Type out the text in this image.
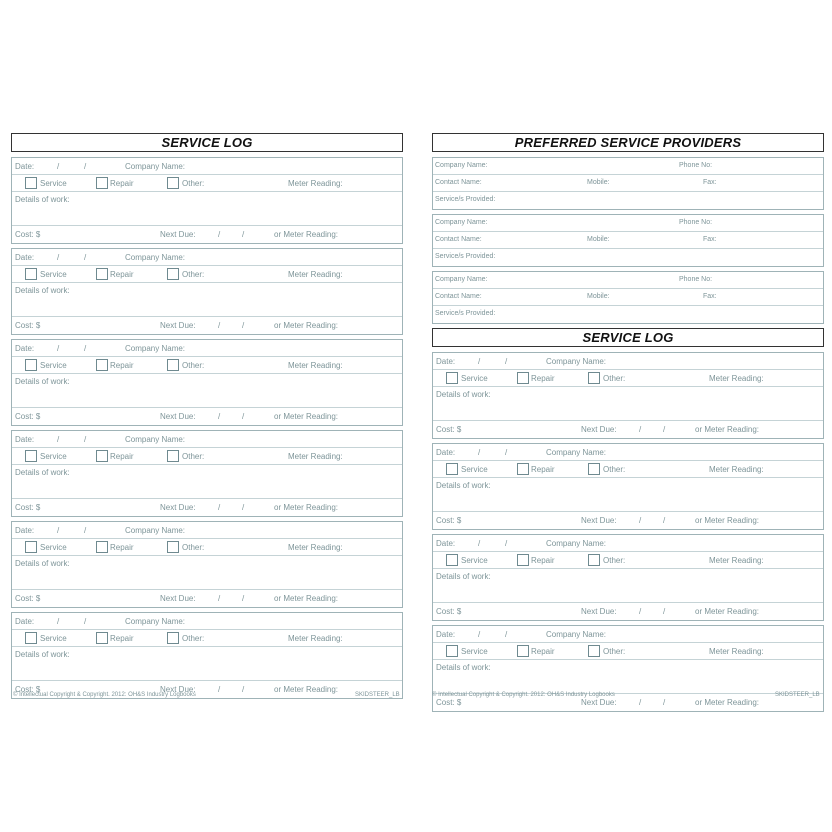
SERVICE LOG
Date:	/	/	Company Name:
Service	Repair	Other:	Meter Reading:
Details of work:
Cost: $	Next Due:	/	/	or Meter Reading:
Date:	/	/	Company Name:
Service	Repair	Other:	Meter Reading:
Details of work:
Cost: $	Next Due:	/	/	or Meter Reading:
Date:	/	/	Company Name:
Service	Repair	Other:	Meter Reading:
Details of work:
Cost: $	Next Due:	/	/	or Meter Reading:
Date:	/	/	Company Name:
Service	Repair	Other:	Meter Reading:
Details of work:
Cost: $	Next Due:	/	/	or Meter Reading:
Date:	/	/	Company Name:
Service	Repair	Other:	Meter Reading:
Details of work:
Cost: $	Next Due:	/	/	or Meter Reading:
Date:	/	/	Company Name:
Service	Repair	Other:	Meter Reading:
Details of work:
Cost: $	Next Due:	/	/	or Meter Reading:
© Intellectual Copyright & Copyright. 2012: OH&S Industry Logbooks	SKIDSTEER_LB
PREFERRED SERVICE PROVIDERS
Company Name:	Phone No:
Contact Name:	Mobile:	Fax:
Service/s Provided:
Company Name:	Phone No:
Contact Name:	Mobile:	Fax:
Service/s Provided:
Company Name:	Phone No:
Contact Name:	Mobile:	Fax:
Service/s Provided:
SERVICE LOG
Date:	/	/	Company Name:
Service	Repair	Other:	Meter Reading:
Details of work:
Cost: $	Next Due:	/	/	or Meter Reading:
Date:	/	/	Company Name:
Service	Repair	Other:	Meter Reading:
Details of work:
Cost: $	Next Due:	/	/	or Meter Reading:
Date:	/	/	Company Name:
Service	Repair	Other:	Meter Reading:
Details of work:
Cost: $	Next Due:	/	/	or Meter Reading:
Date:	/	/	Company Name:
Service	Repair	Other:	Meter Reading:
Details of work:
Cost: $	Next Due:	/	/	or Meter Reading:
© Intellectual Copyright & Copyright. 2012: OH&S Industry Logbooks	SKIDSTEER_LB
